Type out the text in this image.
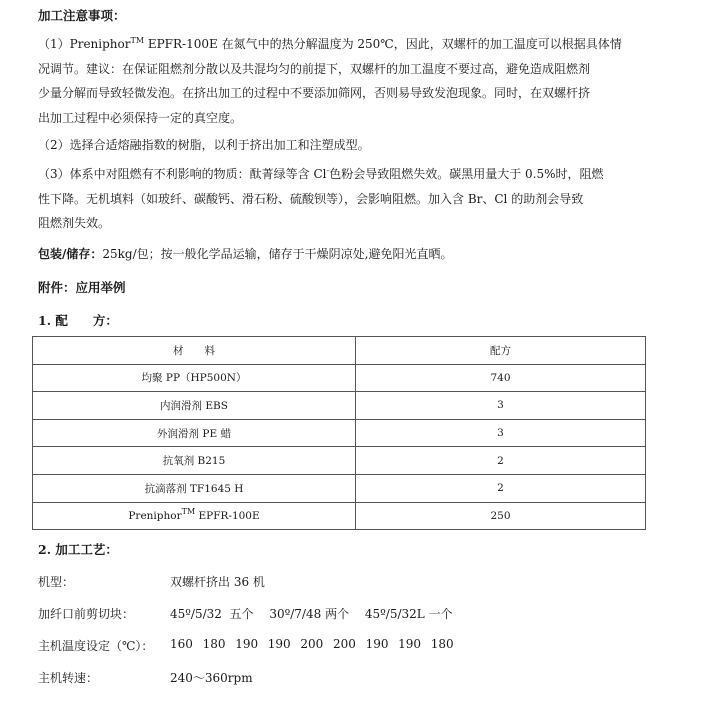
加工注意事项：
（1）Preniphor™ EPFR-100E 在氮气中的热分解温度为 250℃，因此，双螺杆的加工温度可以根据具体情
况调节。建议：在保证阻燃剂分散以及共混均匀的前提下，双螺杆的加工温度不要过高，避免造成阻燃剂
少量分解而导致轻微发泡。在挤出加工的过程中不要添加筛网，否则易导致发泡现象。同时，在双螺杆挤
出加工过程中必须保持一定的真空度。
（2）选择合适熔融指数的树脂，以利于挤出加工和注塑成型。
（3）体系中对阻燃有不利影响的物质：酞菁绿等含 Cl-色粉会导致阻燃失效。碳黑用量大于 0.5%时，阻燃
性下降。无机填料（如玻纤、碳酸钙、滑石粉、硫酸钡等），会影响阻燃。加入含 Br、Cl 的助剂会导致
阻燃剂失效。
包装/储存：25kg/包；按一般化学品运输，储存于干燥阴凉处,避免阳光直晒。
附件：应用举例
1. 配　　方：
材　　料	配方
均聚 PP（HP500N）	740
内润滑剂 EBS	3
外润滑剂 PE 蜡	3
抗氧剂 B215	2
抗滴落剂 TF1645 H	2
Preniphor™ EPFR-100E	250
2. 加工工艺：
机型：	双螺杆挤出 36 机
加纤口前剪切块：	45º/5/32  五个　 30º/7/48 两个　 45º/5/32L 一个
主机温度设定（℃）： 160 180 190 190 200 200 190 190 180
主机转速：	240～360rpm
